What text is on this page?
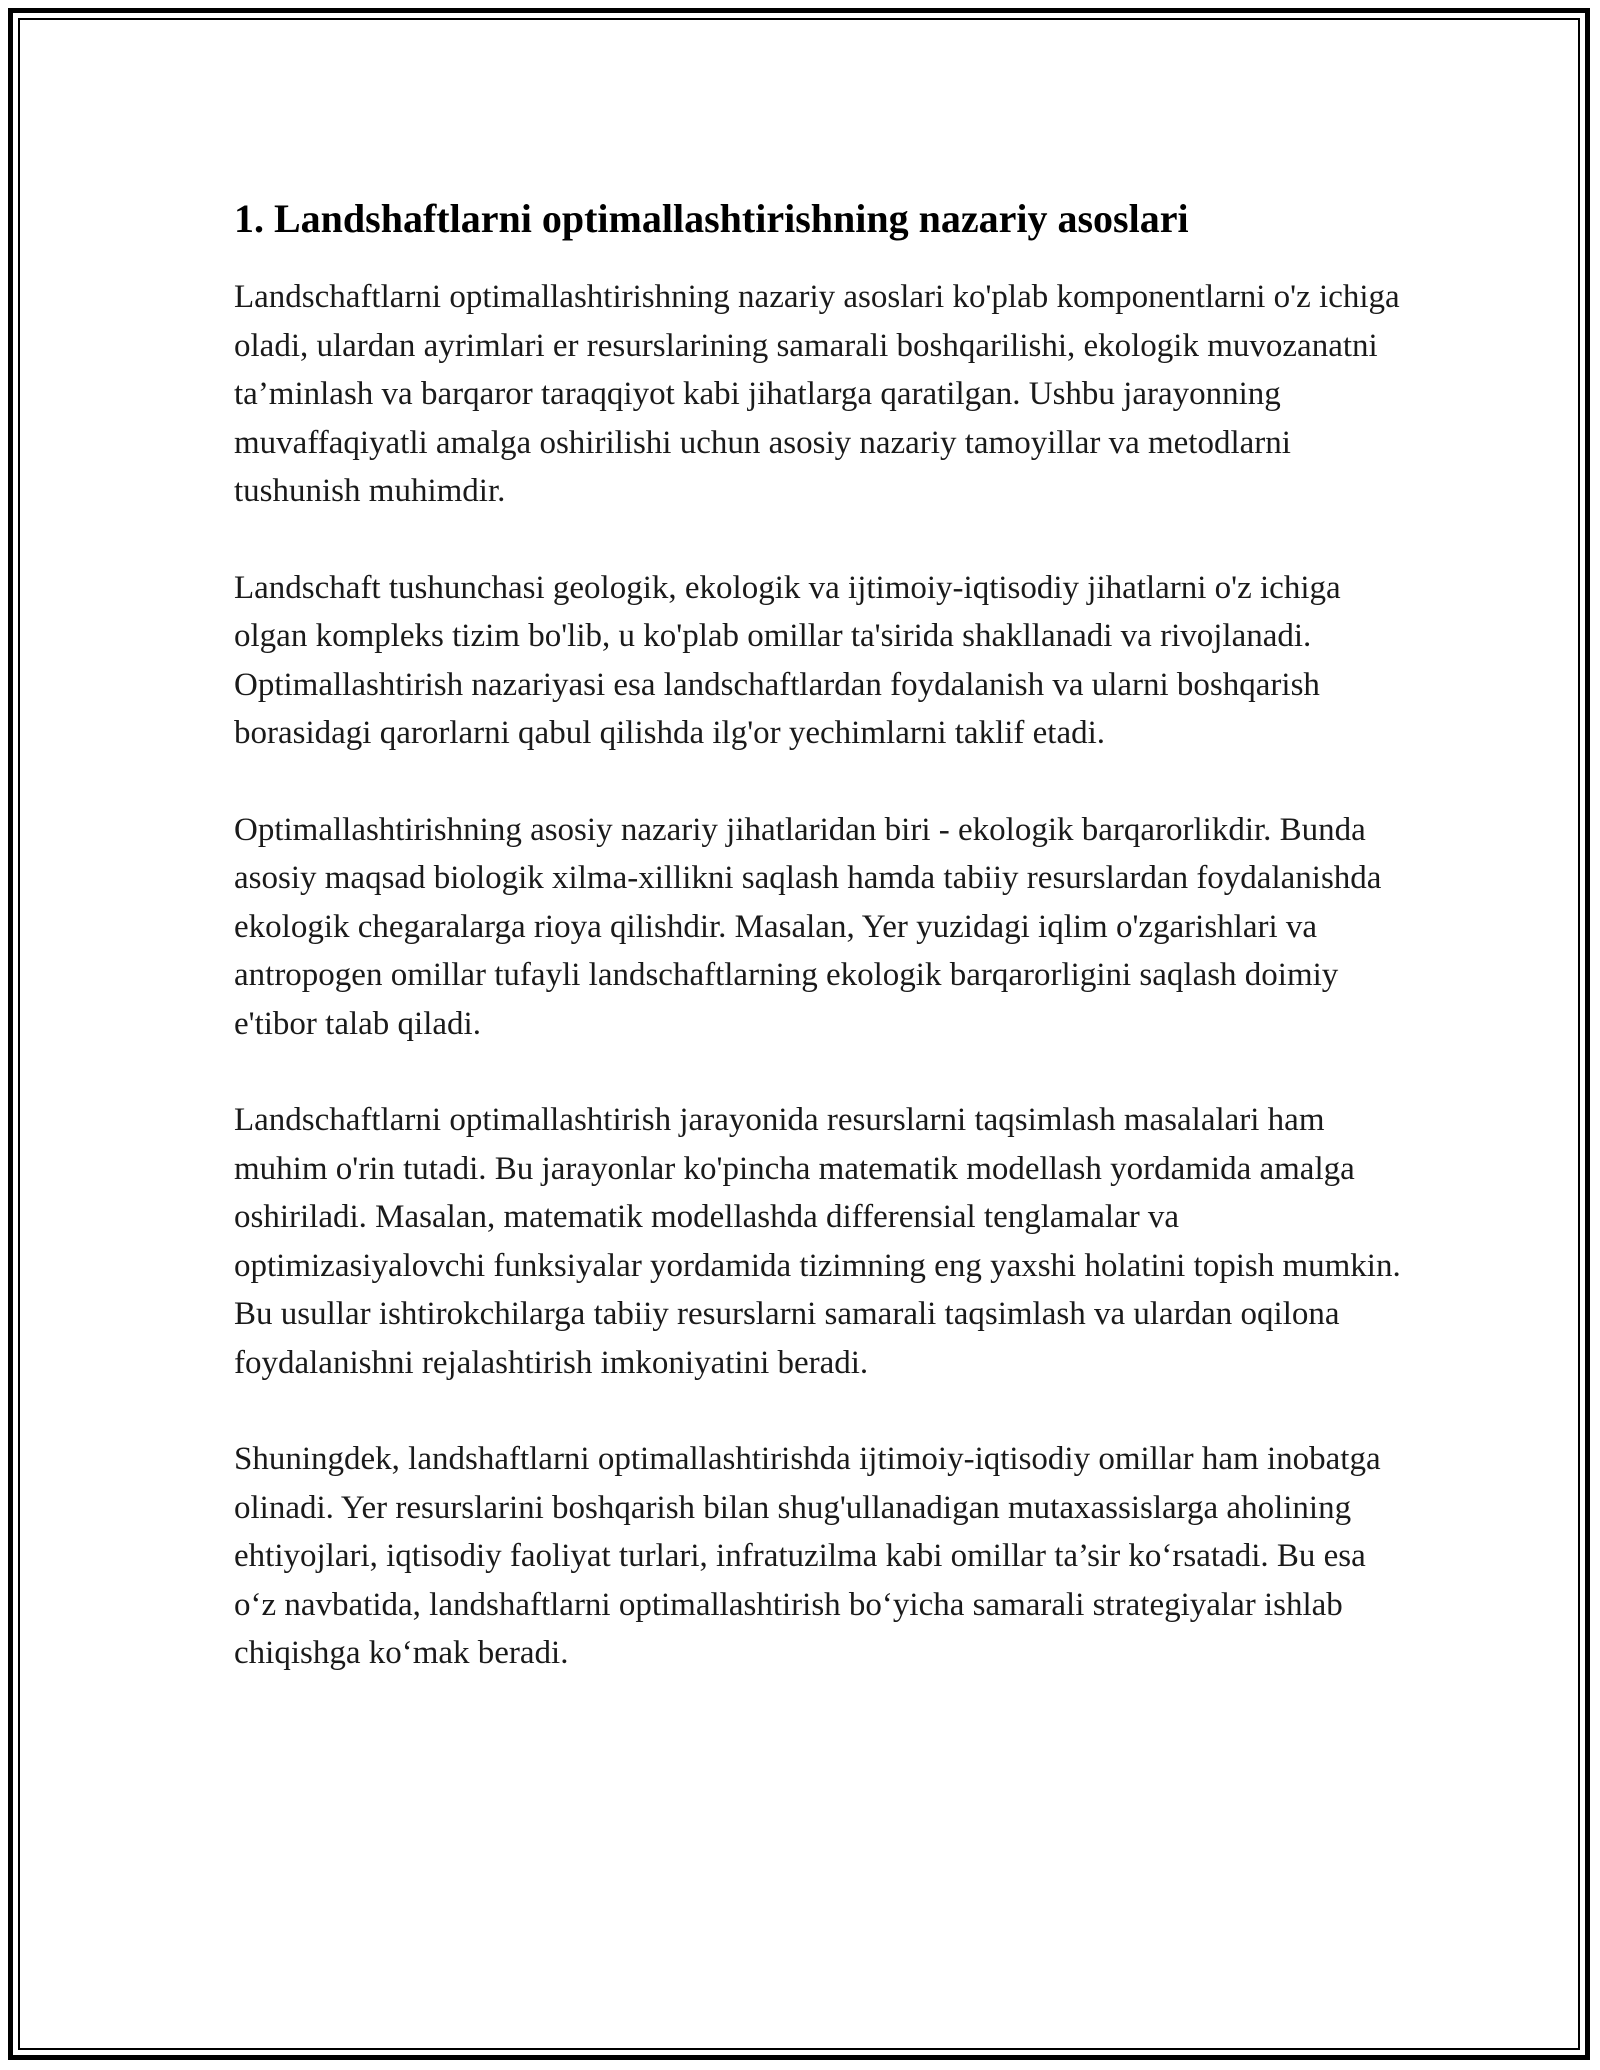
1. Landshaftlarni optimallashtirishning nazariy asoslari

Landschaftlarni optimallashtirishning nazariy asoslari ko'plab komponentlarni o'z ichiga oladi, ulardan ayrimlari er resurslarining samarali boshqarilishi, ekologik muvozanatni ta’minlash va barqaror taraqqiyot kabi jihatlarga qaratilgan. Ushbu jarayonning muvaffaqiyatli amalga oshirilishi uchun asosiy nazariy tamoyillar va metodlarni tushunish muhimdir.

Landschaft tushunchasi geologik, ekologik va ijtimoiy-iqtisodiy jihatlarni o'z ichiga olgan kompleks tizim bo'lib, u ko'plab omillar ta'sirida shakllanadi va rivojlanadi. Optimallashtirish nazariyasi esa landschaftlardan foydalanish va ularni boshqarish borasidagi qarorlarni qabul qilishda ilg'or yechimlarni taklif etadi.

Optimallashtirishning asosiy nazariy jihatlaridan biri - ekologik barqarorlikdir. Bunda asosiy maqsad biologik xilma-xillikni saqlash hamda tabiiy resurslardan foydalanishda ekologik chegaralarga rioya qilishdir. Masalan, Yer yuzidagi iqlim o'zgarishlari va antropogen omillar tufayli landschaftlarning ekologik barqarorligini saqlash doimiy e'tibor talab qiladi.

Landschaftlarni optimallashtirish jarayonida resurslarni taqsimlash masalalari ham muhim o'rin tutadi. Bu jarayonlar ko'pincha matematik modellash yordamida amalga oshiriladi. Masalan, matematik modellashda differensial tenglamalar va optimizasiyalovchi funksiyalar yordamida tizimning eng yaxshi holatini topish mumkin. Bu usullar ishtirokchilarga tabiiy resurslarni samarali taqsimlash va ulardan oqilona foydalanishni rejalashtirish imkoniyatini beradi.

Shuningdek, landshaftlarni optimallashtirishda ijtimoiy-iqtisodiy omillar ham inobatga olinadi. Yer resurslarini boshqarish bilan shug'ullanadigan mutaxassislarga aholining ehtiyojlari, iqtisodiy faoliyat turlari, infratuzilma kabi omillar ta’sir ko‘rsatadi. Bu esa o‘z navbatida, landshaftlarni optimallashtirish bo‘yicha samarali strategiyalar ishlab chiqishga ko‘mak beradi.
